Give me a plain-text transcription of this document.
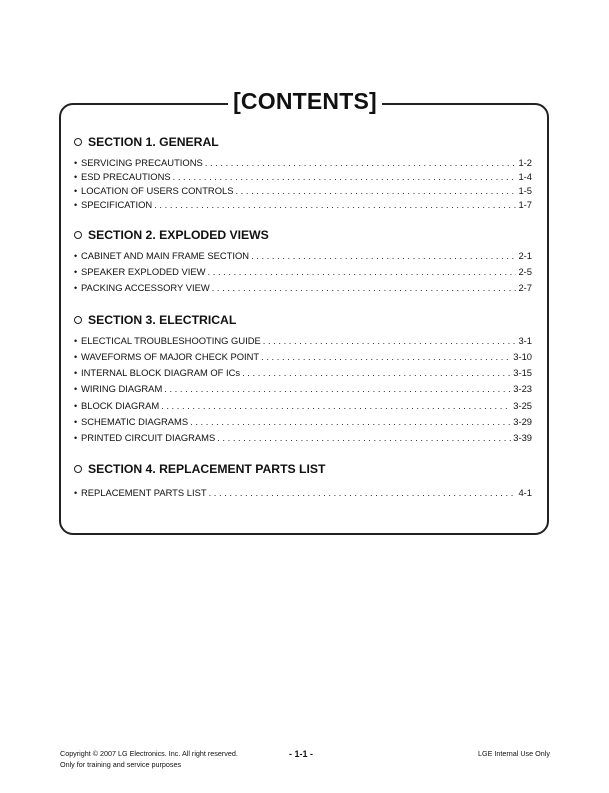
[CONTENTS]
SECTION 1. GENERAL
• SERVICING PRECAUTIONS . . .	1-2
• ESD PRECAUTIONS . . .	1-4
• LOCATION OF USERS CONTROLS . . .	1-5
• SPECIFICATION . . .	1-7
SECTION 2. EXPLODED VIEWS
• CABINET AND MAIN FRAME SECTION . . .	2-1
• SPEAKER EXPLODED VIEW . . .	2-5
• PACKING ACCESSORY VIEW . . .	2-7
SECTION 3. ELECTRICAL
• ELECTICAL TROUBLESHOOTING GUIDE . . .	3-1
• WAVEFORMS OF MAJOR CHECK POINT . . .	3-10
• INTERNAL BLOCK DIAGRAM OF ICs . . .	3-15
• WIRING DIAGRAM . . .	3-23
• BLOCK DIAGRAM . . .	3-25
• SCHEMATIC DIAGRAMS . . .	3-29
• PRINTED CIRCUIT DIAGRAMS . . .	3-39
SECTION 4. REPLACEMENT PARTS LIST
• REPLACEMENT PARTS LIST . . .	4-1
Copyright © 2007 LG Electronics. Inc. All right reserved.
Only for training and service purposes
- 1-1 -	LGE Internal Use Only
